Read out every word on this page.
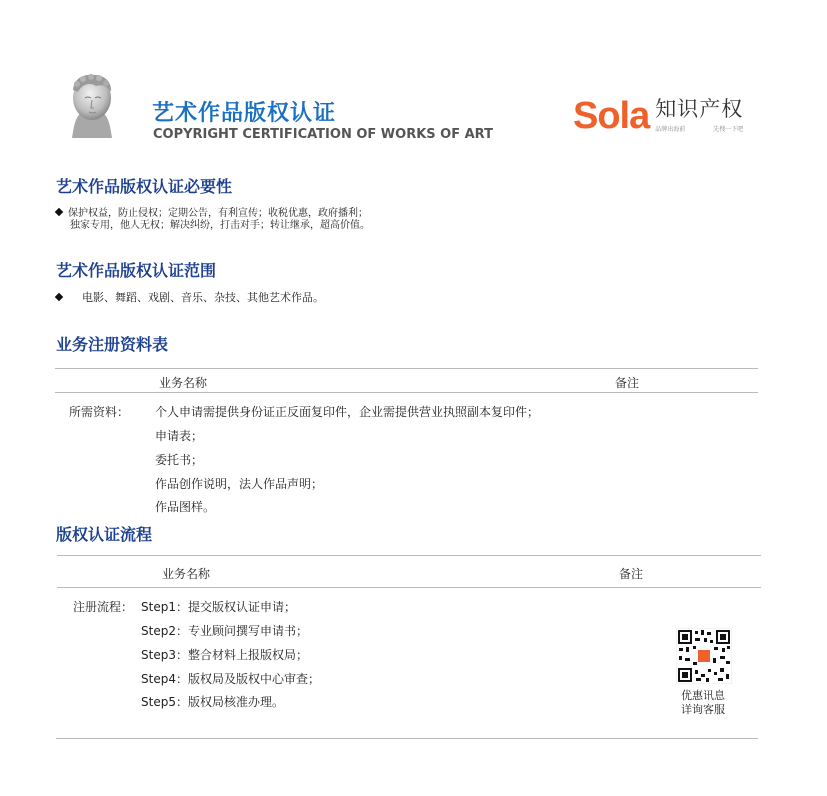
艺术作品版权认证
COPYRIGHT CERTIFICATION OF WORKS OF ART Sola 知识产权
品牌出海前	先搜一下吧
艺术作品版权认证必要性
保护权益，防止侵权；定期公告，有利宣传；收税优惠，政府播利；
独家专用，他人无权；解决纠纷，打击对手；转让继承，超高价值。
艺术作品版权认证范围
电影、舞蹈、戏剧、音乐、杂技、其他艺术作品。
业务注册资料表
业务名称	备注
所需资料： 个人申请需提供身份证正反面复印件，企业需提供营业执照副本复印件；
申请表；
委托书；
作品创作说明，法人作品声明；
作品图样。
版权认证流程
业务名称	备注
注册流程： Step1：提交版权认证申请；
Step2：专业顾问撰写申请书；
Step3：整合材料上报版权局；
Step4：版权局及版权中心审查；
Step5：版权局核准办理。	优惠讯息
详询客服
